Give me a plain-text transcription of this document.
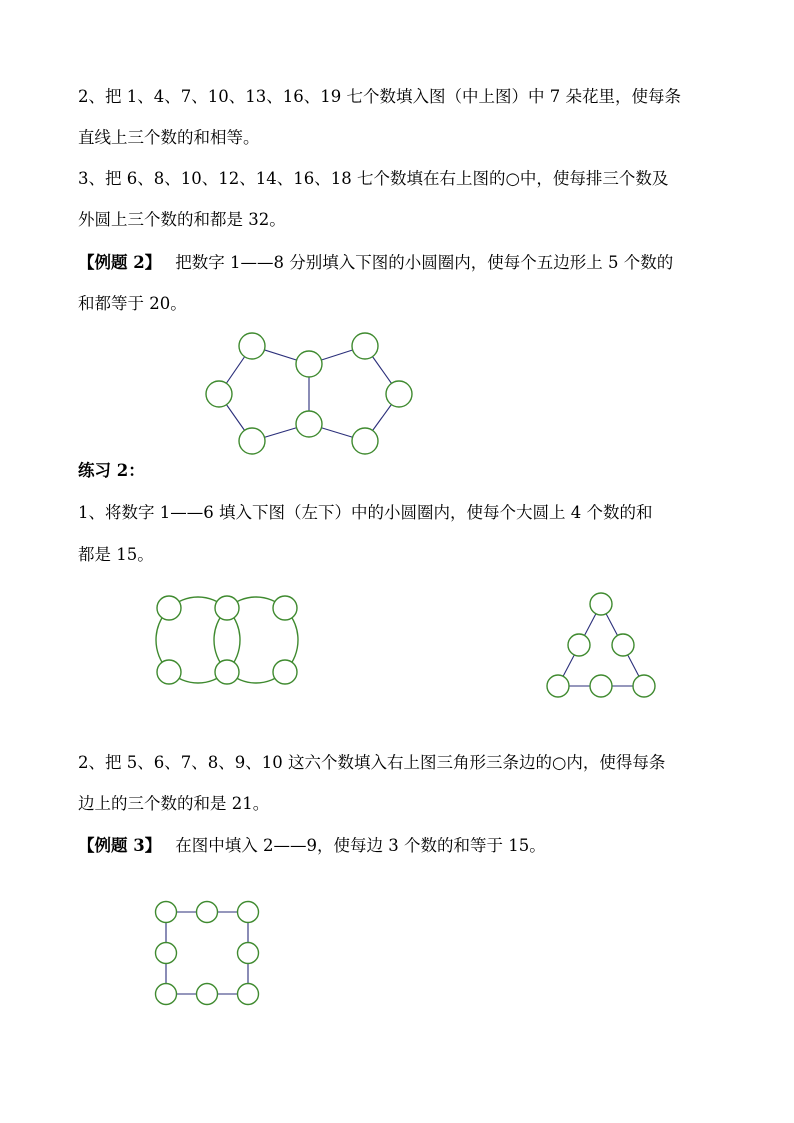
2、把 1、4、7、10、13、16、19 七个数填入图（中上图）中 7 朵花里，使每条
直线上三个数的和相等。
3、把 6、8、10、12、14、16、18 七个数填在右上图的○中，使每排三个数及
外圆上三个数的和都是 32。
【例题 2】 把数字 1——8 分别填入下图的小圆圈内，使每个五边形上 5 个数的
和都等于 20。
练习 2：
1、将数字 1——6 填入下图（左下）中的小圆圈内，使每个大圆上 4 个数的和
都是 15。
2、把 5、6、7、8、9、10 这六个数填入右上图三角形三条边的○内，使得每条
边上的三个数的和是 21。
【例题 3】 在图中填入 2——9，使每边 3 个数的和等于 15。
